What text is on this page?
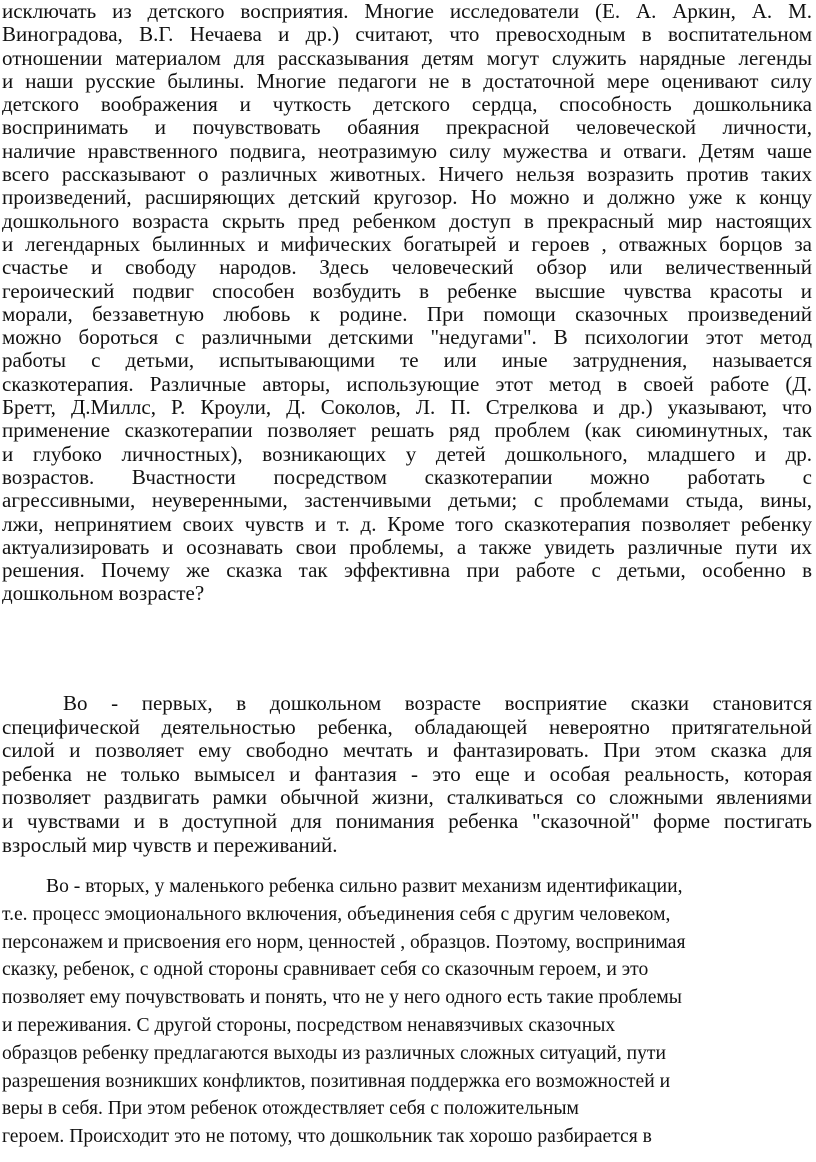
исключать из детского восприятия. Многие исследователи (Е. А. Аркин, А. М.
Виноградова, В.Г. Нечаева и др.) считают, что превосходным в воспитательном
отношении материалом для рассказывания детям могут служить нарядные легенды
и наши русские былины. Многие педагоги не в достаточной мере оценивают силу
детского воображения и чуткость детского сердца, способность дошкольника
воспринимать и почувствовать обаяния прекрасной человеческой личности,
наличие нравственного подвига, неотразимую силу мужества и отваги. Детям чаше
всего рассказывают о различных животных. Ничего нельзя возразить против таких
произведений, расширяющих детский кругозор. Но можно и должно уже к концу
дошкольного возраста скрыть пред ребенком доступ в прекрасный мир настоящих
и легендарных былинных и мифических богатырей и героев , отважных борцов за
счастье и свободу народов. Здесь человеческий обзор или величественный
героический подвиг способен возбудить в ребенке высшие чувства красоты и
морали, беззаветную любовь к родине. При помощи сказочных произведений
можно бороться с различными детскими "недугами". В психологии этот метод
работы с детьми, испытывающими те или иные затруднения, называется
сказкотерапия. Различные авторы, использующие этот метод в своей работе (Д.
Бретт, Д.Миллс, Р. Кроули, Д. Соколов, Л. П. Стрелкова и др.) указывают, что
применение сказкотерапии позволяет решать ряд проблем (как сиюминутных, так
и глубоко личностных), возникающих у детей дошкольного, младшего и др.
возрастов. Вчастности посредством сказкотерапии можно работать с
агрессивными, неуверенными, застенчивыми детьми; с проблемами стыда, вины,
лжи, непринятием своих чувств и т. д. Кроме того сказкотерапия позволяет ребенку
актуализировать и осознавать свои проблемы, а также увидеть различные пути их
решения. Почему же сказка так эффективна при работе с детьми, особенно в
дошкольном возрасте?
Во - первых, в дошкольном возрасте восприятие сказки становится
специфической деятельностью ребенка, обладающей невероятно притягательной
силой и позволяет ему свободно мечтать и фантазировать. При этом сказка для
ребенка не только вымысел и фантазия - это еще и особая реальность, которая
позволяет раздвигать рамки обычной жизни, сталкиваться со сложными явлениями
и чувствами и в доступной для понимания ребенка "сказочной" форме постигать
взрослый мир чувств и переживаний.
Во - вторых, у маленького ребенка сильно развит механизм идентификации,
т.е. процесс эмоционального включения, объединения себя с другим человеком,
персонажем и присвоения его норм, ценностей , образцов. Поэтому, воспринимая
сказку, ребенок, с одной стороны сравнивает себя со сказочным героем, и это
позволяет ему почувствовать и понять, что не у него одного есть такие проблемы
и переживания. С другой стороны, посредством ненавязчивых сказочных
образцов ребенку предлагаются выходы из различных сложных ситуаций, пути
разрешения возникших конфликтов, позитивная поддержка его возможностей и
веры в себя. При этом ребенок отождествляет себя с положительным
героем. Происходит это не потому, что дошкольник так хорошо разбирается в
